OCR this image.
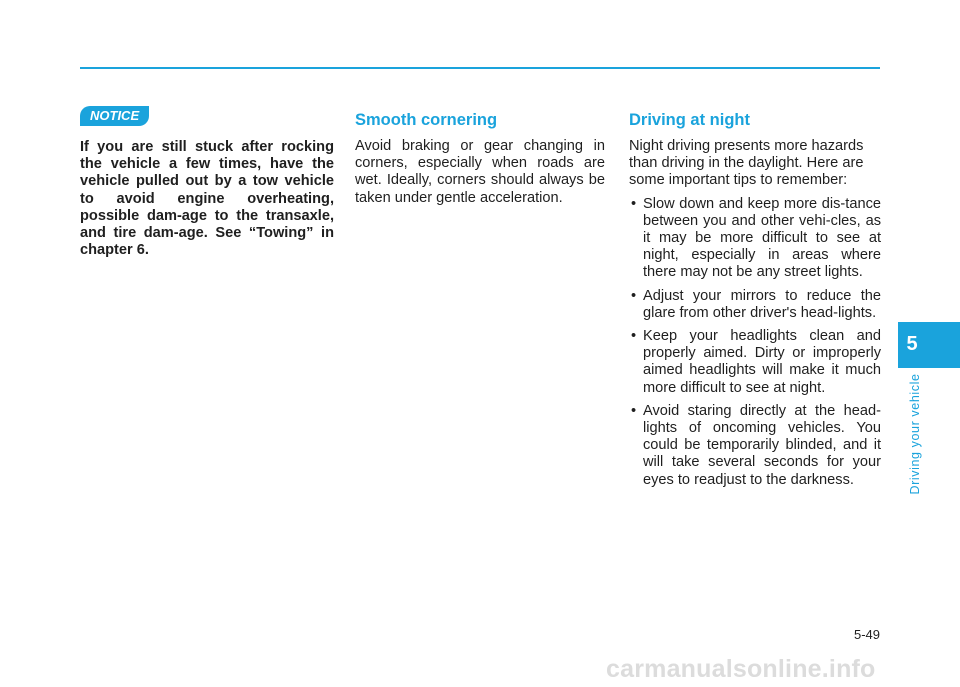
NOTICE

If you are still stuck after rocking the vehicle a few times, have the vehicle pulled out by a tow vehicle to avoid engine overheating, possible dam-age to the transaxle, and tire dam-age. See “Towing” in chapter 6.

Smooth cornering

Avoid braking or gear changing in corners, especially when roads are wet. Ideally, corners should always be taken under gentle acceleration.

Driving at night

Night driving presents more hazards than driving in the daylight. Here are some important tips to remember:

• Slow down and keep more dis-tance between you and other vehi-cles, as it may be more difficult to see at night, especially in areas where there may not be any street lights.
• Adjust your mirrors to reduce the glare from other driver's head-lights.
• Keep your headlights clean and properly aimed. Dirty or improperly aimed headlights will make it much more difficult to see at night.
• Avoid staring directly at the head-lights of oncoming vehicles. You could be temporarily blinded, and it will take several seconds for your eyes to readjust to the darkness.
5
Driving your vehicle
5-49
carmanualsonline.info
